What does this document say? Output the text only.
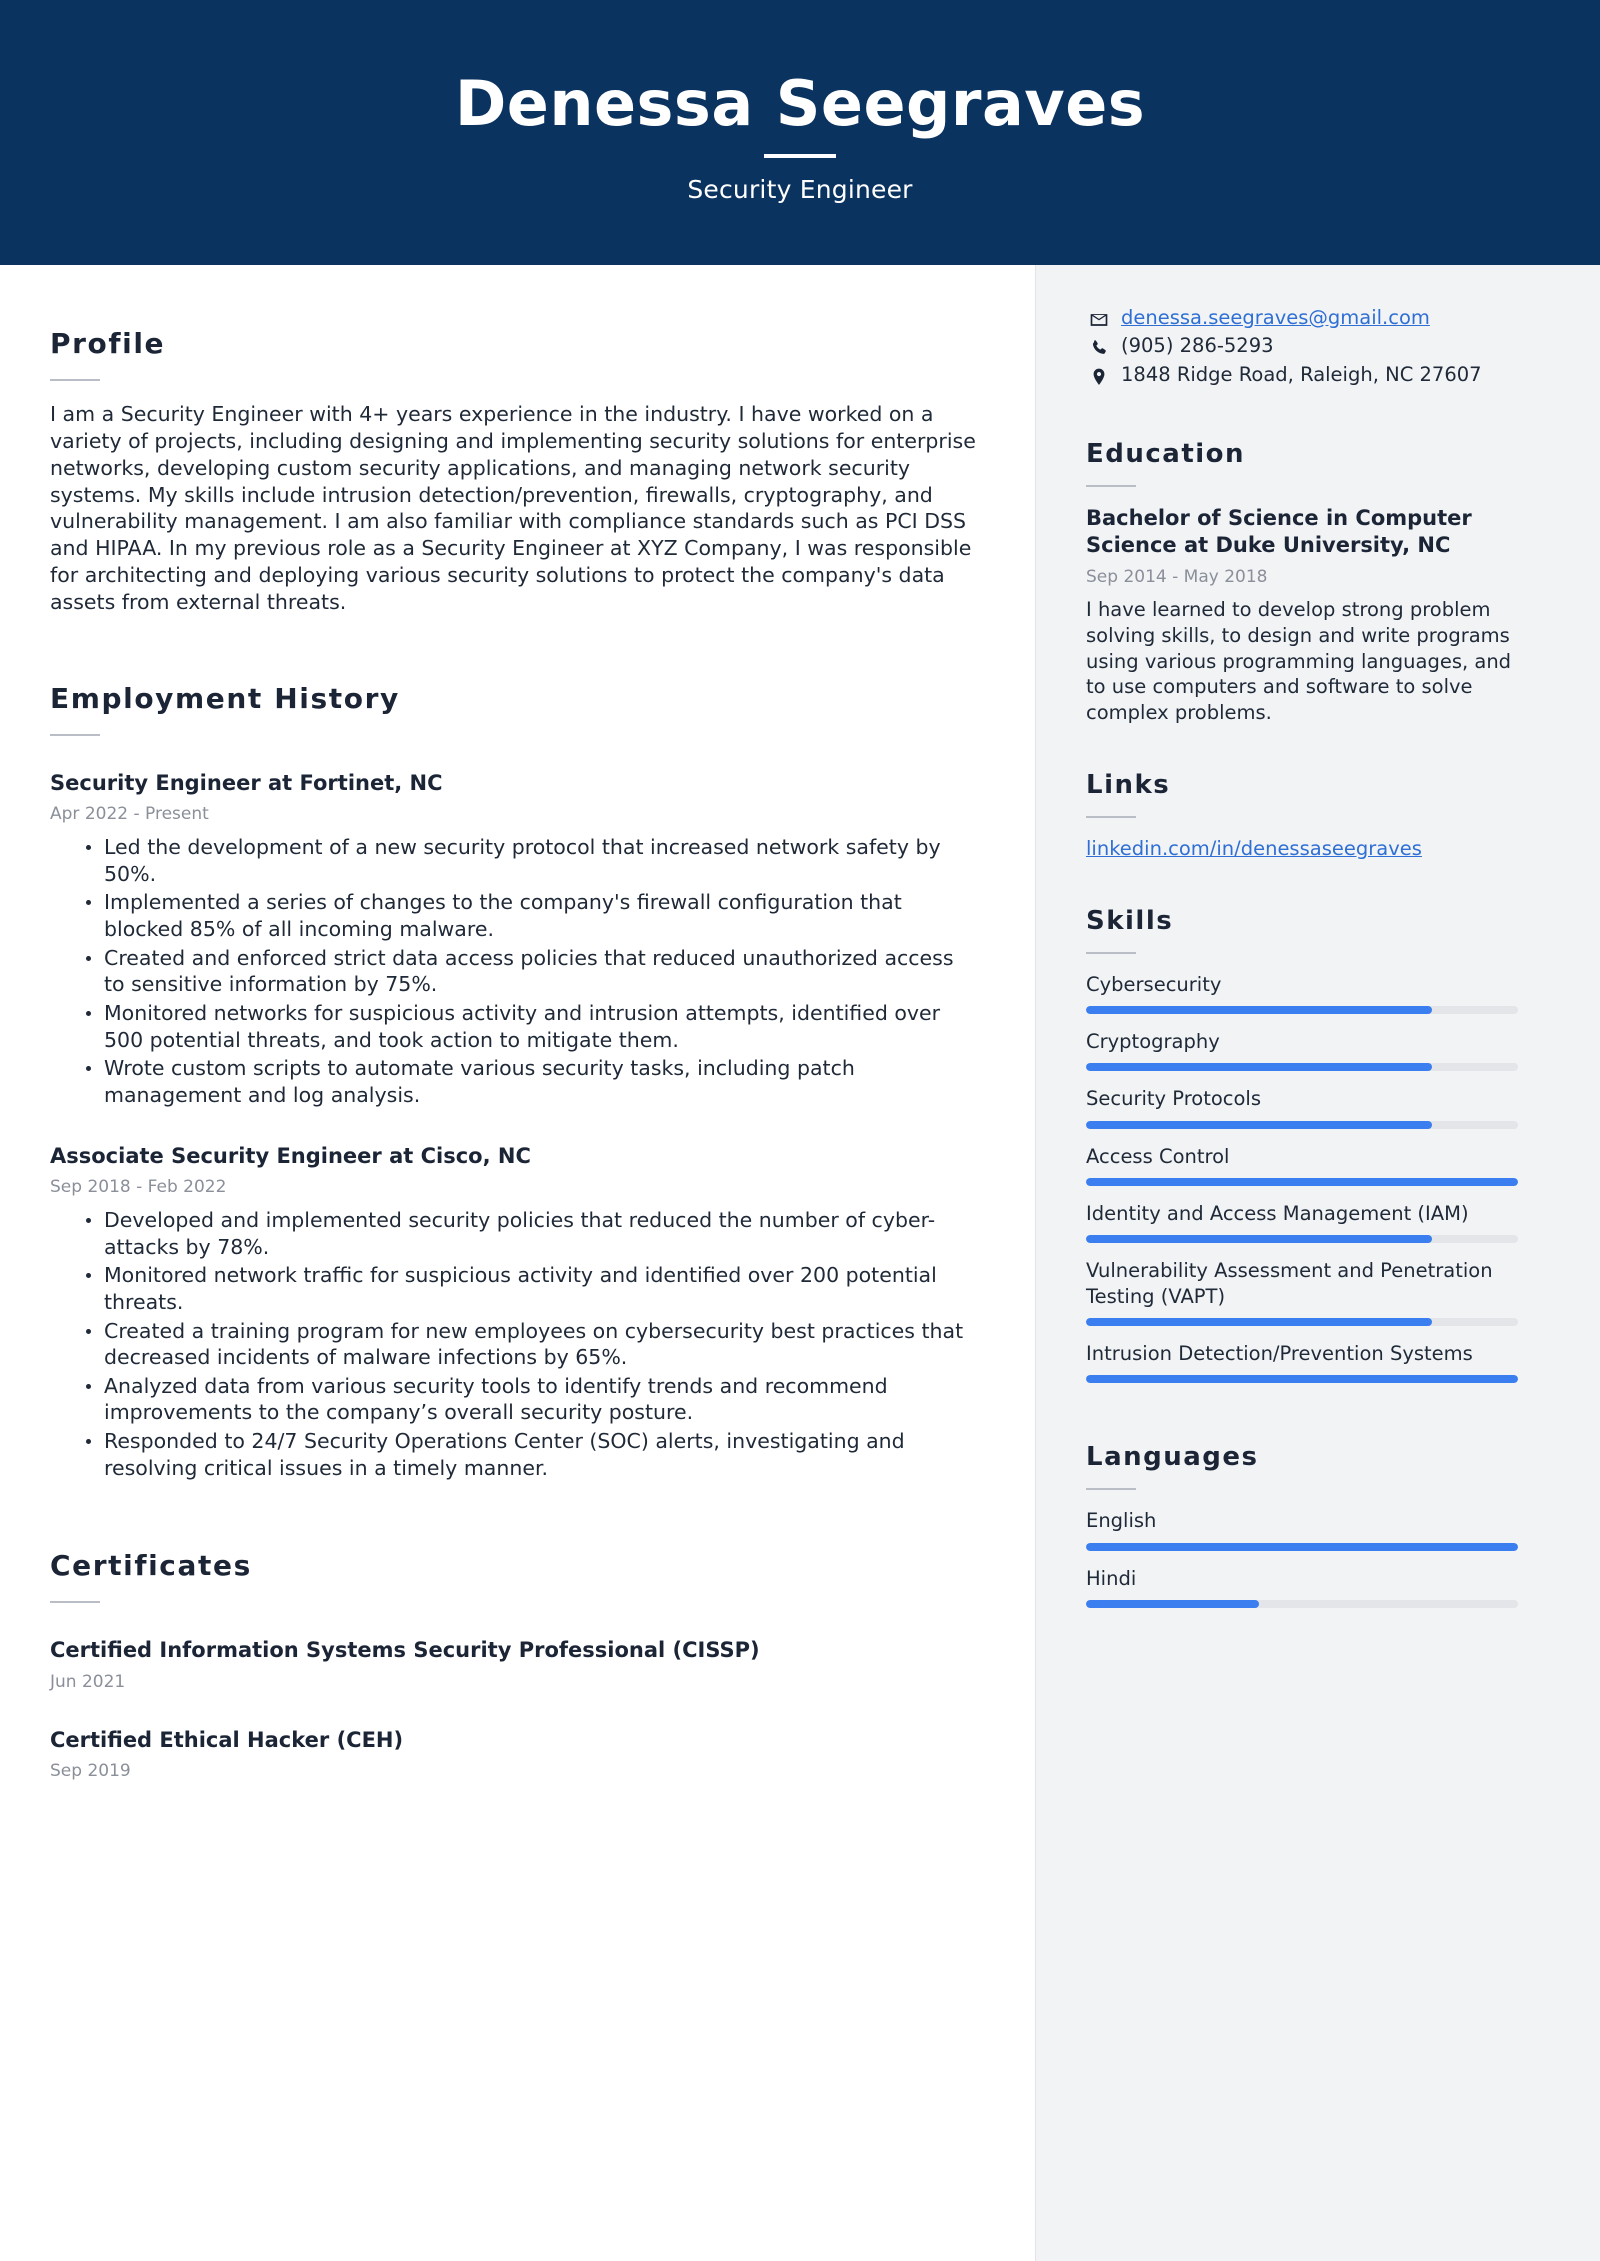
Denessa Seegraves
Security Engineer
Profile
I am a Security Engineer with 4+ years experience in the industry. I have worked on a variety of projects, including designing and implementing security solutions for enterprise networks, developing custom security applications, and managing network security systems. My skills include intrusion detection/prevention, firewalls, cryptography, and vulnerability management. I am also familiar with compliance standards such as PCI DSS and HIPAA. In my previous role as a Security Engineer at XYZ Company, I was responsible for architecting and deploying various security solutions to protect the company's data assets from external threats.
Employment History
Security Engineer at Fortinet, NC
Apr 2022 - Present
Led the development of a new security protocol that increased network safety by 50%.
Implemented a series of changes to the company's firewall configuration that blocked 85% of all incoming malware.
Created and enforced strict data access policies that reduced unauthorized access to sensitive information by 75%.
Monitored networks for suspicious activity and intrusion attempts, identified over 500 potential threats, and took action to mitigate them.
Wrote custom scripts to automate various security tasks, including patch management and log analysis.
Associate Security Engineer at Cisco, NC
Sep 2018 - Feb 2022
Developed and implemented security policies that reduced the number of cyber-attacks by 78%.
Monitored network traffic for suspicious activity and identified over 200 potential threats.
Created a training program for new employees on cybersecurity best practices that decreased incidents of malware infections by 65%.
Analyzed data from various security tools to identify trends and recommend improvements to the company’s overall security posture.
Responded to 24/7 Security Operations Center (SOC) alerts, investigating and resolving critical issues in a timely manner.
Certificates
Certified Information Systems Security Professional (CISSP)
Jun 2021
Certified Ethical Hacker (CEH)
Sep 2019
denessa.seegraves@gmail.com
(905) 286-5293
1848 Ridge Road, Raleigh, NC 27607
Education
Bachelor of Science in Computer Science at Duke University, NC
Sep 2014 - May 2018
I have learned to develop strong problem solving skills, to design and write programs using various programming languages, and to use computers and software to solve complex problems.
Links
linkedin.com/in/denessaseegraves
Skills
Cybersecurity
Cryptography
Security Protocols
Access Control
Identity and Access Management (IAM)
Vulnerability Assessment and Penetration Testing (VAPT)
Intrusion Detection/Prevention Systems
Languages
English
Hindi
